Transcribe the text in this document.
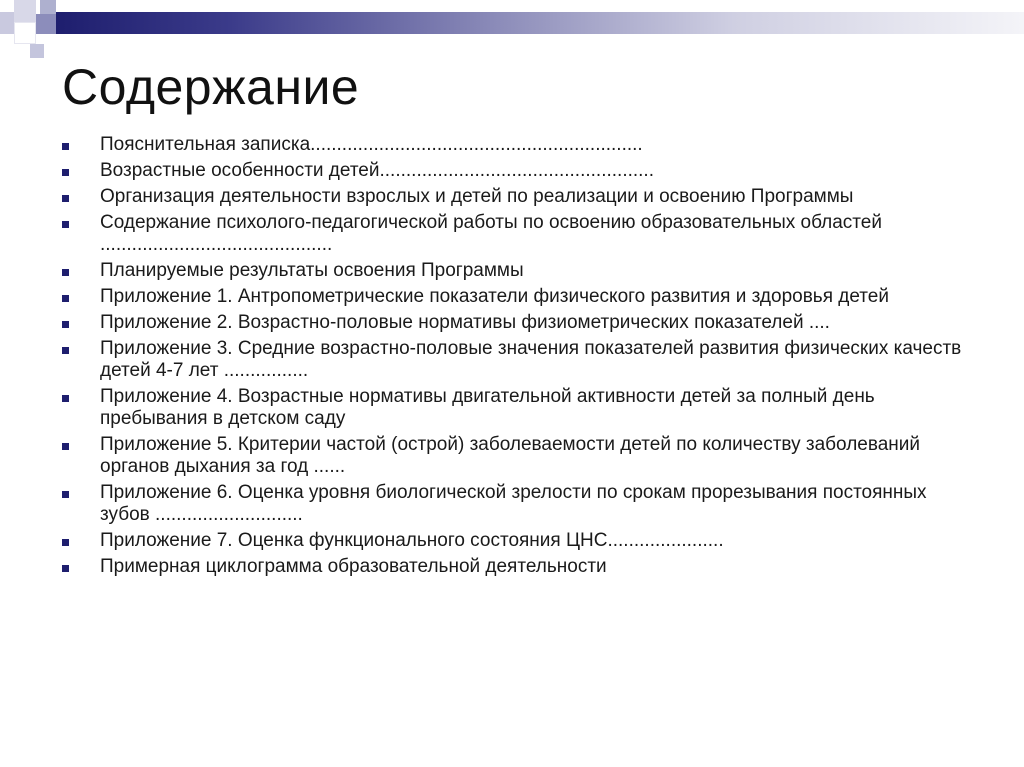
Содержание
Пояснительная записка...............................................................
Возрастные особенности детей....................................................
Организация деятельности взрослых и детей по реализации и освоению Программы
Содержание психолого-педагогической работы по освоению образовательных областей ............................................
Планируемые результаты освоения Программы
Приложение 1. Антропометрические показатели физического развития и здоровья детей
Приложение 2. Возрастно-половые нормативы физиометрических показателей ....
Приложение 3. Средние возрастно-половые значения показателей развития физических качеств детей 4-7 лет ................
Приложение 4. Возрастные нормативы двигательной активности детей за полный день пребывания в детском саду
Приложение 5. Критерии частой (острой) заболеваемости детей по количеству заболеваний органов дыхания за год ......
Приложение 6. Оценка уровня биологической зрелости по срокам прорезывания постоянных зубов ............................
Приложение 7. Оценка функционального состояния ЦНС......................
Примерная циклограмма образовательной деятельности
